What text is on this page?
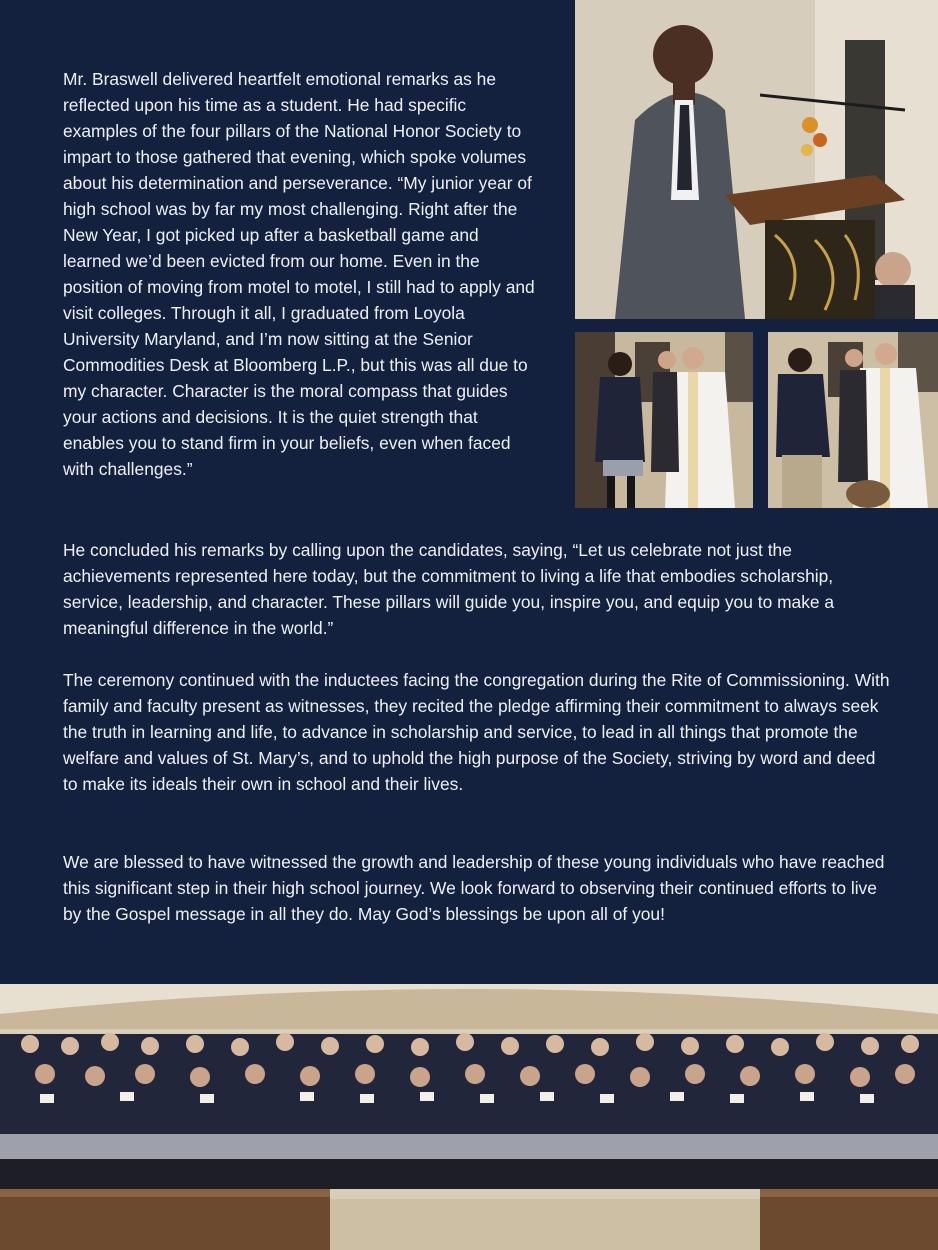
Mr. Braswell delivered heartfelt emotional remarks as he reflected upon his time as a student. He had specific examples of the four pillars of the National Honor Society to impart to those gathered that evening, which spoke volumes about his determination and perseverance. “My junior year of high school was by far my most challenging. Right after the New Year, I got picked up after a basketball game and learned we’d been evicted from our home. Even in the position of moving from motel to motel, I still had to apply and visit colleges. Through it all, I graduated from Loyola University Maryland, and I’m now sitting at the Senior Commodities Desk at Bloomberg L.P., but this was all due to my character. Character is the moral compass that guides your actions and decisions. It is the quiet strength that enables you to stand firm in your beliefs, even when faced with challenges.”

He concluded his remarks by calling upon the candidates, saying, “Let us celebrate not just the achievements represented here today, but the commitment to living a life that embodies scholarship, service, leadership, and character. These pillars will guide you, inspire you, and equip you to make a meaningful difference in the world.”

The ceremony continued with the inductees facing the congregation during the Rite of Commissioning. With family and faculty present as witnesses, they recited the pledge affirming their commitment to always seek the truth in learning and life, to advance in scholarship and service, to lead in all things that promote the welfare and values of St. Mary’s, and to uphold the high purpose of the Society, striving by word and deed to make its ideals their own in school and their lives.

We are blessed to have witnessed the growth and leadership of these young individuals who have reached this significant step in their high school journey. We look forward to observing their continued efforts to live by the Gospel message in all they do. May God’s blessings be upon all of you!
